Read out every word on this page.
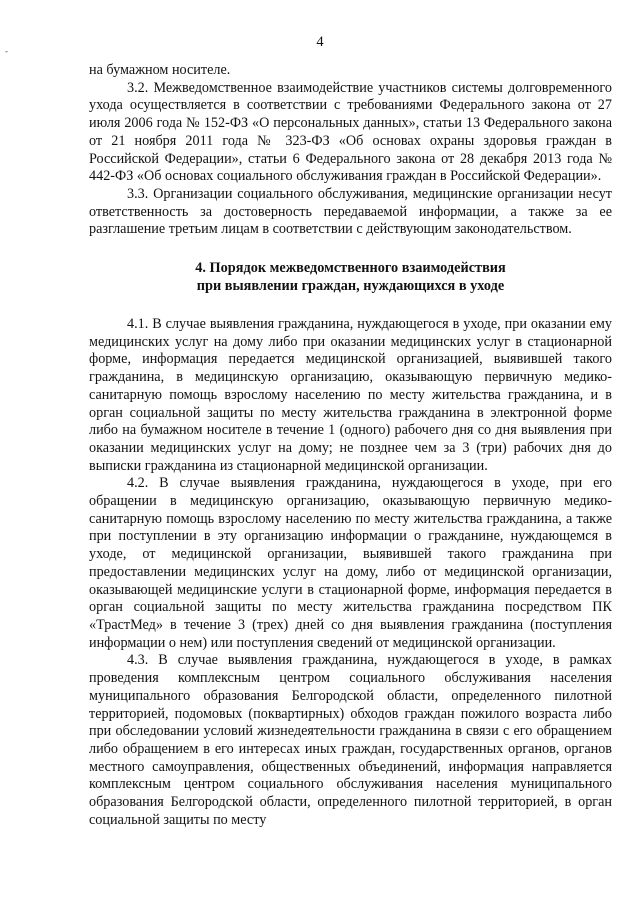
-
4

на бумажном носителе.

3.2. Межведомственное взаимодействие участников системы долговременного ухода осуществляется в соответствии с требованиями Федерального закона от 27 июля 2006 года № 152-ФЗ «О персональных данных», статьи 13 Федерального закона от 21 ноября 2011 года № 323-ФЗ «Об основах охраны здоровья граждан в Российской Федерации», статьи 6 Федерального закона от 28 декабря 2013 года № 442-ФЗ «Об основах социального обслуживания граждан в Российской Федерации».

3.3. Организации социального обслуживания, медицинские организации несут ответственность за достоверность передаваемой информации, а также за ее разглашение третьим лицам в соответствии с действующим законодательством.

4. Порядок межведомственного взаимодействия
при выявлении граждан, нуждающихся в уходе

4.1. В случае выявления гражданина, нуждающегося в уходе, при оказании ему медицинских услуг на дому либо при оказании медицинских услуг в стационарной форме, информация передается медицинской организацией, выявившей такого гражданина, в медицинскую организацию, оказывающую первичную медико-санитарную помощь взрослому населению по месту жительства гражданина, и в орган социальной защиты по месту жительства гражданина в электронной форме либо на бумажном носителе в течение 1 (одного) рабочего дня со дня выявления при оказании медицинских услуг на дому; не позднее чем за 3 (три) рабочих дня до выписки гражданина из стационарной медицинской организации.

4.2. В случае выявления гражданина, нуждающегося в уходе, при его обращении в медицинскую организацию, оказывающую первичную медико-санитарную помощь взрослому населению по месту жительства гражданина, а также при поступлении в эту организацию информации о гражданине, нуждающемся в уходе, от медицинской организации, выявившей такого гражданина при предоставлении медицинских услуг на дому, либо от медицинской организации, оказывающей медицинские услуги в стационарной форме, информация передается в орган социальной защиты по месту жительства гражданина посредством ПК «ТрастМед» в течение 3 (трех) дней со дня выявления гражданина (поступления информации о нем) или поступления сведений от медицинской организации.

4.3. В случае выявления гражданина, нуждающегося в уходе, в рамках проведения комплексным центром социального обслуживания населения муниципального образования Белгородской области, определенного пилотной территорией, подомовых (поквартирных) обходов граждан пожилого возраста либо при обследовании условий жизнедеятельности гражданина в связи с его обращением либо обращением в его интересах иных граждан, государственных органов, органов местного самоуправления, общественных объединений, информация направляется комплексным центром социального обслуживания населения муниципального образования Белгородской области, определенного пилотной территорией, в орган социальной защиты по месту
